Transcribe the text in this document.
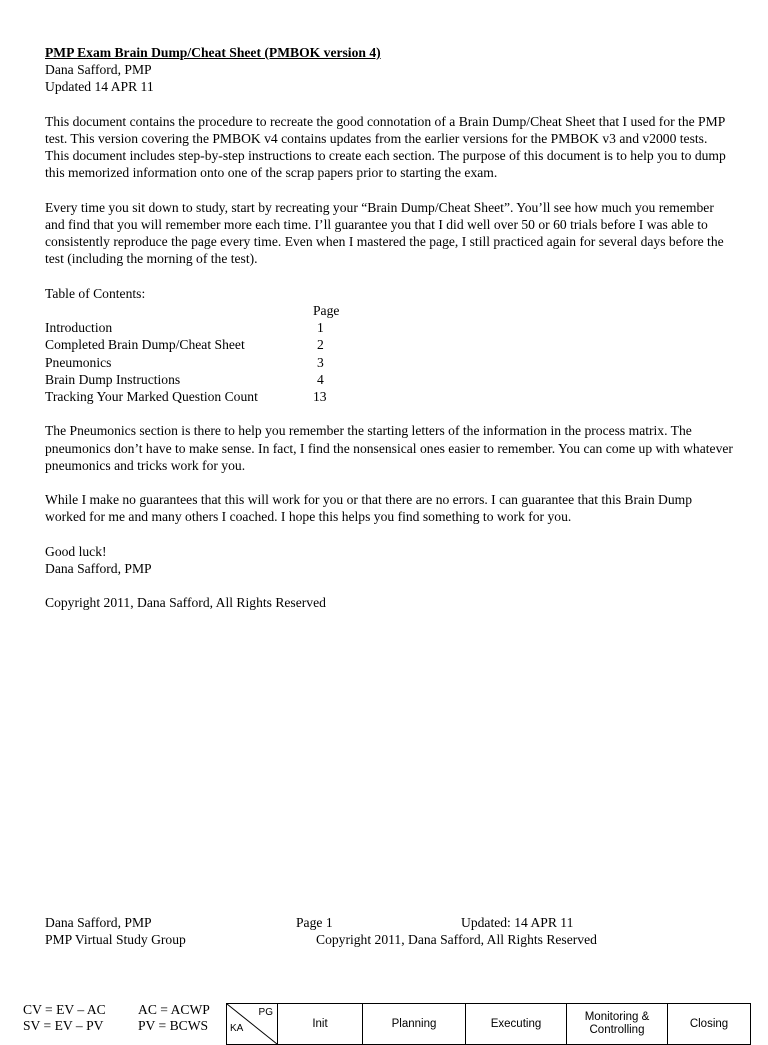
PMP Exam Brain Dump/Cheat Sheet (PMBOK version 4)

Dana Safford, PMP

Updated 14 APR 11

This document contains the procedure to recreate the good connotation of a Brain Dump/Cheat Sheet that I used for the PMP test. This version covering the PMBOK v4 contains updates from the earlier versions for the PMBOK v3 and v2000 tests.

This document includes step-by-step instructions to create each section. The purpose of this document is to help you to dump this memorized information onto one of the scrap papers prior to starting the exam.

Every time you sit down to study, start by recreating your “Brain Dump/Cheat Sheet”. You’ll see how much you remember and find that you will remember more each time. I’ll guarantee you that I did well over 50 or 60 trials before I was able to consistently reproduce the page every time. Even when I mastered the page, I still practiced again for several days before the test (including the morning of the test).

Table of Contents:

	Page
Introduction	1
Completed Brain Dump/Cheat Sheet	2
Pneumonics	3
Brain Dump Instructions	4
Tracking Your Marked Question Count	13

The Pneumonics section is there to help you remember the starting letters of the information in the process matrix. The pneumonics don’t have to make sense. In fact, I find the nonsensical ones easier to remember. You can come up with whatever pneumonics and tricks work for you.

While I make no guarantees that this will work for you or that there are no errors. I can guarantee that this Brain Dump worked for me and many others I coached. I hope this helps you find something to work for you.

Good luck!

Dana Safford, PMP

Copyright 2011, Dana Safford, All Rights Reserved

Dana Safford, PMP	Page 1	Updated: 14 APR 11
PMP Virtual Study Group	Copyright 2011, Dana Safford, All Rights Reserved
CV = EV – AC AC = ACWP
SV = EV – PV	PV = BCWS
PG
KA	Init	Planning	Executing	Monitoring & Controlling	Closing
